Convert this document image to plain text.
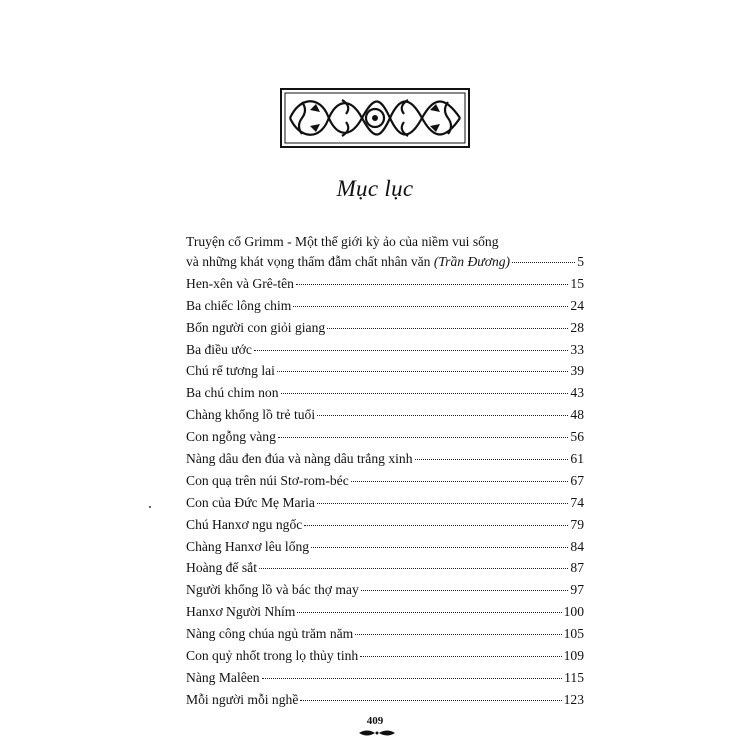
Mục lục
Truyện cổ Grimm - Một thế giới kỳ ảo của niềm vui sống
và những khát vọng thấm đẫm chất nhân văn (Trần Đương)	5
Hen-xên và Grê-tên	15
Ba chiếc lông chim	24
Bốn người con giỏi giang	28
Ba điều ước	33
Chú rể tương lai	39
Ba chú chim non	43
Chàng khổng lồ trẻ tuổi	48
Con ngỗng vàng	56
Nàng dâu đen đúa và nàng dâu trắng xinh	61
Con quạ trên núi Stơ-rom-béc	67
Con của Đức Mẹ Maria	74
Chú Hanxơ ngu ngốc	79
Chàng Hanxơ lêu lổng	84
Hoàng đế sắt	87
Người khổng lồ và bác thợ may	97
Hanxơ Người Nhím	100
Nàng công chúa ngủ trăm năm	105
Con quỷ nhốt trong lọ thủy tinh	109
Nàng Malêen	115
Mỗi người mỗi nghề	123
409
